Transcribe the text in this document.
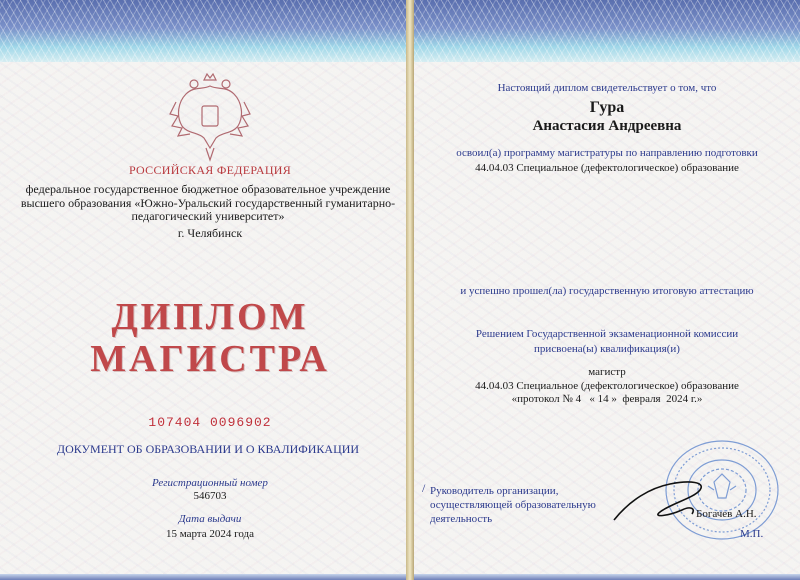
РОССИЙСКАЯ ФЕДЕРАЦИЯ
федеральное государственное бюджетное образовательное учреждение высшего образования «Южно-Уральский государственный гуманитарно-педагогический университет»
г. Челябинск
ДИПЛОМ
МАГИСТРА
107404 0096902
ДОКУМЕНТ ОБ ОБРАЗОВАНИИ И О КВАЛИФИКАЦИИ
Регистрационный номер
546703
Дата выдачи
15 марта 2024 года
Настоящий диплом свидетельствует о том, что
Гура
Анастасия Андреевна
освоил(а) программу магистратуры по направлению подготовки
44.04.03 Специальное (дефектологическое) образование
и успешно прошел(ла) государственную итоговую аттестацию
Решением Государственной экзаменационной комиссии
присвоена(ы) квалификация(и)
магистр
44.04.03 Специальное (дефектологическое) образование
«протокол № 4   « 14 »  февраля  2024 г.»
/ Руководитель организации,
осуществляющей образовательную
деятельность	Богачев А.Н.
М.П.
